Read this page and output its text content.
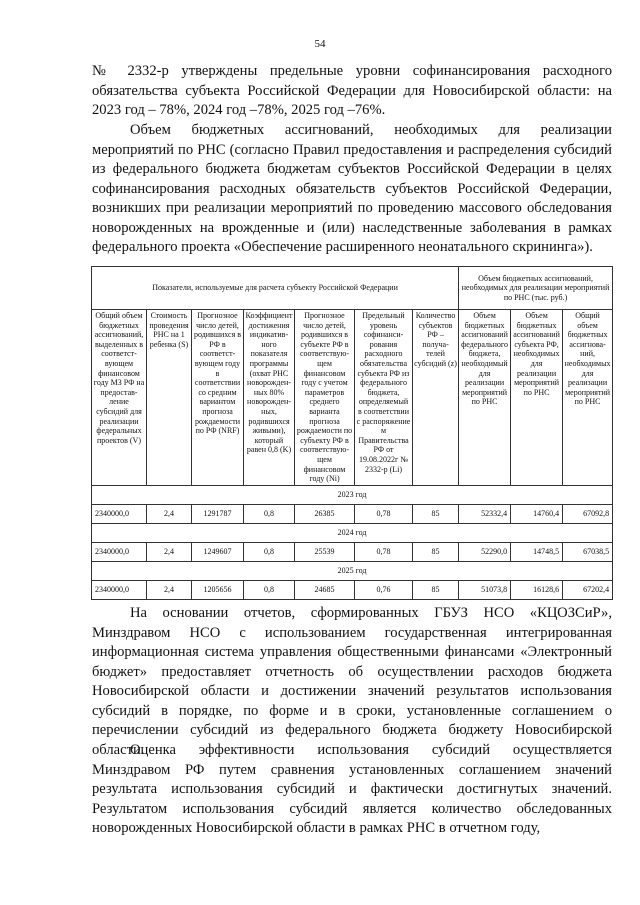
54

№ 2332-р утверждены предельные уровни софинансирования расходного обязательства субъекта Российской Федерации для Новосибирской области: на 2023 год – 78%, 2024 год –78%, 2025 год –76%.

Объем бюджетных ассигнований, необходимых для реализации мероприятий по РНС (согласно Правил предоставления и распределения субсидий из федерального бюджета бюджетам субъектов Российской Федерации в целях софинансирования расходных обязательств субъектов Российской Федерации, возникших при реализации мероприятий по проведению массового обследования новорожденных на врожденные и (или) наследственные заболевания в рамках федерального проекта «Обеспечение расширенного неонатального скрининга»).

Показатели, используемые для расчета субъекту Российской Федерации							Объем бюджетных ассигнований, необходимых для реализации мероприятий по РНС (тыс. руб.)		
Общий объем бюджетных ассигнований, выделенных в соответст-вующем финансовом году МЗ РФ на предостав-ление субсидий для реализации федеральных проектов (V)	Стоимость проведения РНС на 1 ребенка (S)	Прогнозное число детей, родившихся в РФ в соответст-вующем году в соответствии со средним вариантом прогноза рождаемости по РФ (NRF)	Коэффициент достижения индикатив-ного показателя программы (охват РНС новорожден-ных 80% новорожден-ных, родившихся живыми), который равен 0,8 (K)	Прогнозное число детей, родившихся в субъекте РФ в соответствую-щем финансовом году с учетом параметров среднего варианта прогноза рождаемости по субъекту РФ в соответствую-щем финансовом году (Ni)	Предельный уровень софинанси-рования расходного обязательства субъекта РФ из федерального бюджета, определяемый в соответствии с распоряжение м Правительства РФ от 19.08.2022г № 2332-р (Li)	Количество субъектов РФ – получа-телей субсидий (z)	Объем бюджетных ассигнований федерального бюджета, необходимый для реализации мероприятий по РНС	Объем бюджетных ассигнований субъекта РФ, необходимых для реализации мероприятий по РНС	Общий объем бюджетных ассигнова-ний, необходимых для реализации мероприятий по РНС
2023 год									
2340000,0	2,4	1291787	0,8	26385	0,78	85	52332,4	14760,4	67092,8
2024 год									
2340000,0	2,4	1249607	0,8	25539	0,78	85	52290,0	14748,5	67038,5
2025 год									
2340000,0	2,4	1205656	0,8	24685	0,76	85	51073,8	16128,6	67202,4

На основании отчетов, сформированных ГБУЗ НСО «КЦОЗСиР», Минздравом НСО с использованием государственная интегрированная информационная система управления общественными финансами «Электронный бюджет» предоставляет отчетность об осуществлении расходов бюджета Новосибирской области и достижении значений результатов использования субсидий в порядке, по форме и в сроки, установленные соглашением о перечислении субсидий из федерального бюджета бюджету Новосибирской области.

Оценка эффективности использования субсидий осуществляется Минздравом РФ путем сравнения установленных соглашением значений результата использования субсидий и фактически достигнутых значений. Результатом использования субсидий является количество обследованных новорожденных Новосибирской области в рамках РНС в отчетном году,
